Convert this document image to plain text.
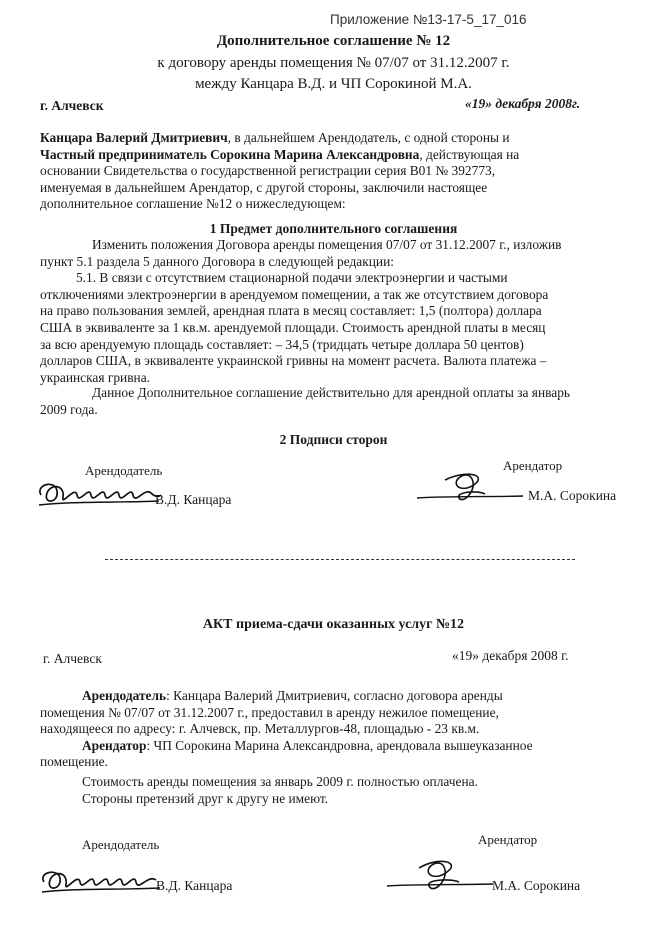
Приложение №13-17-5_17_016
Дополнительное соглашение № 12
к договору аренды помещения № 07/07 от 31.12.2007 г.
между Канцара В.Д. и ЧП Сорокиной М.А.
г. Алчевск	«19» декабря 2008г.
Канцара Валерий Дмитриевич, в дальнейшем Арендодатель, с одной стороны и
Частный предприниматель Сорокина Марина Александровна, действующая на
основании Свидетельства о государственной регистрации серия В01 № 392773,
именуемая в дальнейшем Арендатор, с другой стороны, заключили настоящее
дополнительное соглашение №12 о нижеследующем:
1 Предмет дополнительного соглашения
Изменить положения Договора аренды помещения 07/07 от 31.12.2007 г., изложив
пункт 5.1 раздела 5 данного Договора в следующей редакции:
5.1. В связи с отсутствием стационарной подачи электроэнергии и частыми
отключениями электроэнергии в арендуемом помещении, а так же отсутствием договора
на право пользования землей, арендная плата в месяц составляет: 1,5 (полтора) доллара
США в эквиваленте за 1 кв.м. арендуемой площади. Стоимость арендной платы в месяц
за всю арендуемую площадь составляет: – 34,5 (тридцать четыре доллара 50 центов)
долларов США, в эквиваленте украинской гривны на момент расчета. Валюта платежа –
украинская гривна.
Данное Дополнительное соглашение действительно для арендной оплаты за январь
2009 года.
2 Подписи сторон
Арендодатель	Арендатор
В.Д. Канцара	М.А. Сорокина
АКТ приема-сдачи оказанных услуг №12
г. Алчевск	«19» декабря 2008 г.
Арендодатель: Канцара Валерий Дмитриевич, согласно договора аренды
помещения № 07/07 от 31.12.2007 г., предоставил в аренду нежилое помещение,
находящееся по адресу: г. Алчевск, пр. Металлургов-48, площадью - 23 кв.м.
Арендатор: ЧП Сорокина Марина Александровна, арендовала вышеуказанное
помещение.
Стоимость аренды помещения за январь 2009 г. полностью оплачена.
Стороны претензий друг к другу не имеют.
Арендодатель	Арендатор
В.Д. Канцара	М.А. Сорокина
